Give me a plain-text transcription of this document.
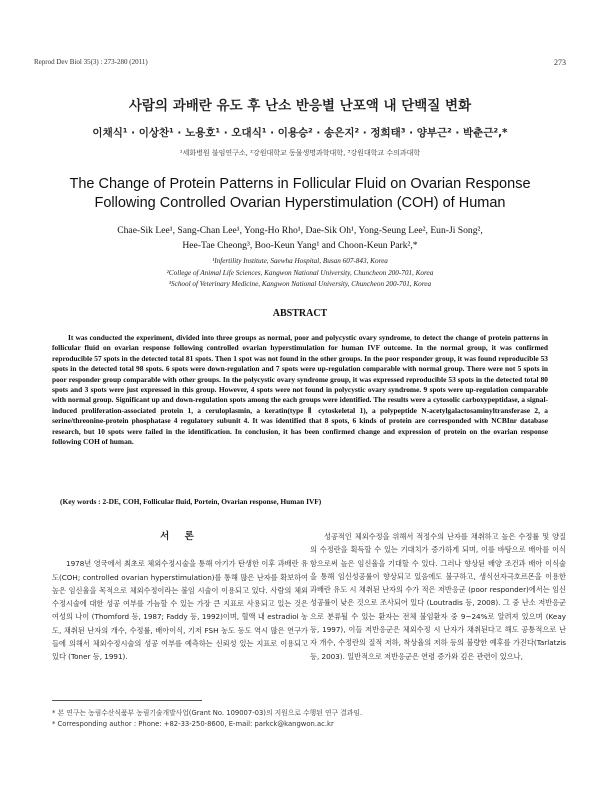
Reprod Dev Biol 35(3) : 273-280 (2011)	273
사람의 과배란 유도 후 난소 반응별 난포액 내 단백질 변화
이채식¹ · 이상찬¹ · 노용호¹ · 오대식¹ · 이용승² · 송은지² · 정희태³ · 양부근² · 박춘근²,*
¹세화병원 불임연구소, ²강원대학교 동물생명과학대학, ³강원대학교 수의과대학
The Change of Protein Patterns in Follicular Fluid on Ovarian Response
Following Controlled Ovarian Hyperstimulation (COH) of Human
Chae-Sik Lee¹, Sang-Chan Lee¹, Yong-Ho Rho¹, Dae-Sik Oh¹, Yong-Seung Lee², Eun-Ji Song²,
Hee-Tae Cheong³, Boo-Keun Yang¹ and Choon-Keun Park²,*
¹Infertility Institute, Saewha Hospital, Busan 607-843, Korea
²College of Animal Life Sciences, Kangwon National University, Chuncheon 200-701, Korea
³School of Veterinary Medicine, Kangwon National University, Chuncheon 200-701, Korea
ABSTRACT
It was conducted the experiment, divided into three groups as normal, poor and polycystic ovary syndrome, to detect the change of protein patterns in follicular fluid on ovarian response following controlled ovarian hyperstimulation for human IVF outcome. In the normal group, it was confirmed reproducible 57 spots in the detected total 81 spots. Then 1 spot was not found in the other groups. In the poor responder group, it was found reproducible 53 spots in the detected total 98 spots. 6 spots were down-regulation and 7 spots were up-regulation comparable with normal group. There were not 5 spots in poor responder group comparable with other groups. In the polycystic ovary syndrome group, it was expressed reproducible 53 spots in the detected total 80 spots and 3 spots were just expressed in this group. However, 4 spots were not found in polycystic ovary syndrome. 9 spots were up-regulation comparable with normal group. Significant up and down-regulation spots among the each groups were identified. The results were a cytosolic carboxypeptidase, a signal-induced proliferation-associated protein 1, a ceruloplasmin, a keratin(type Ⅱ cytoskeletal 1), a polypeptide N-acetylgalactosaminyltransferase 2, a serine/threonine-protein phosphatase 4 regulatory subunit 4. It was identified that 8 spots, 6 kinds of protein are corresponded with NCBInr database research, but 10 spots were failed in the identification. In conclusion, it has been confirmed change and expression of protein on the ovarian response following COH of human.
(Key words : 2-DE, COH, Follicular fluid, Portein, Ovarian response, Human IVF)
서 론
1978년 영국에서 최초로 체외수정시술을 통해 아기가 탄생한 이후 과배란 유도(COH; controlled ovarian hyperstimulation)를 통해 많은 난자를 확보하여 높은 임신율을 목적으로 체외수정이라는 불임 시술이 이용되고 있다. 사람의 체외수정시술에 대한 성공 여부를 가늠할 수 있는 가장 큰 지표로 사용되고 있는 것은 여성의 나이 (Thomford 등, 1987; Faddy 등, 1992)이며, 혈액 내 estradiol 농도, 채취된 난자의 개수, 수정률, 배아이식, 기저 FSH 농도 등도 역시 많은 연구가들에 의해서 체외수정시술의 성공 여부를 예측하는 신뢰성 있는 지표로 이용되고 있다 (Toner 등, 1991).
성공적인 체외수정을 위해서 적정수의 난자를 채취하고 높은 수정률 및 양질의 수정란을 획득할 수 있는 기대치가 증가하게 되며, 이를 바탕으로 배아를 이식함으로써 높은 임신율을 기대할 수 있다. 그러나 향상된 배양 조건과 배아 이식술을 통해 임신성공률이 향상되고 있음에도 불구하고, 생식선자극호르몬을 이용한 과배란 유도 시 채취된 난자의 수가 적은 저반응군 (poor responder)에서는 임신성공률이 낮은 것으로 조사되어 있다 (Loutradis 등, 2008). 그 중 난소 저반응군으로 분류될 수 있는 환자는 전체 불임환자 중 9~24%로 알려져 있으며 (Keay 등, 1997), 이들 저반응군은 체외수정 시 난자가 채취된다고 해도 공통적으로 난자 개수, 수정란의 질적 저하, 착상율의 저하 등의 불량한 예후를 가진다(Tarlatzis 등, 2003). 일반적으로 저반응군은 연령 증가와 깊은 관련이 있으나,
* 본 연구는 농림수산식품부 농림기술개발사업(Grant No. 109007-03)의 지원으로 수행된 연구 결과임.
* Corresponding author : Phone: +82-33-250-8600, E-mail: parkck@kangwon.ac.kr
